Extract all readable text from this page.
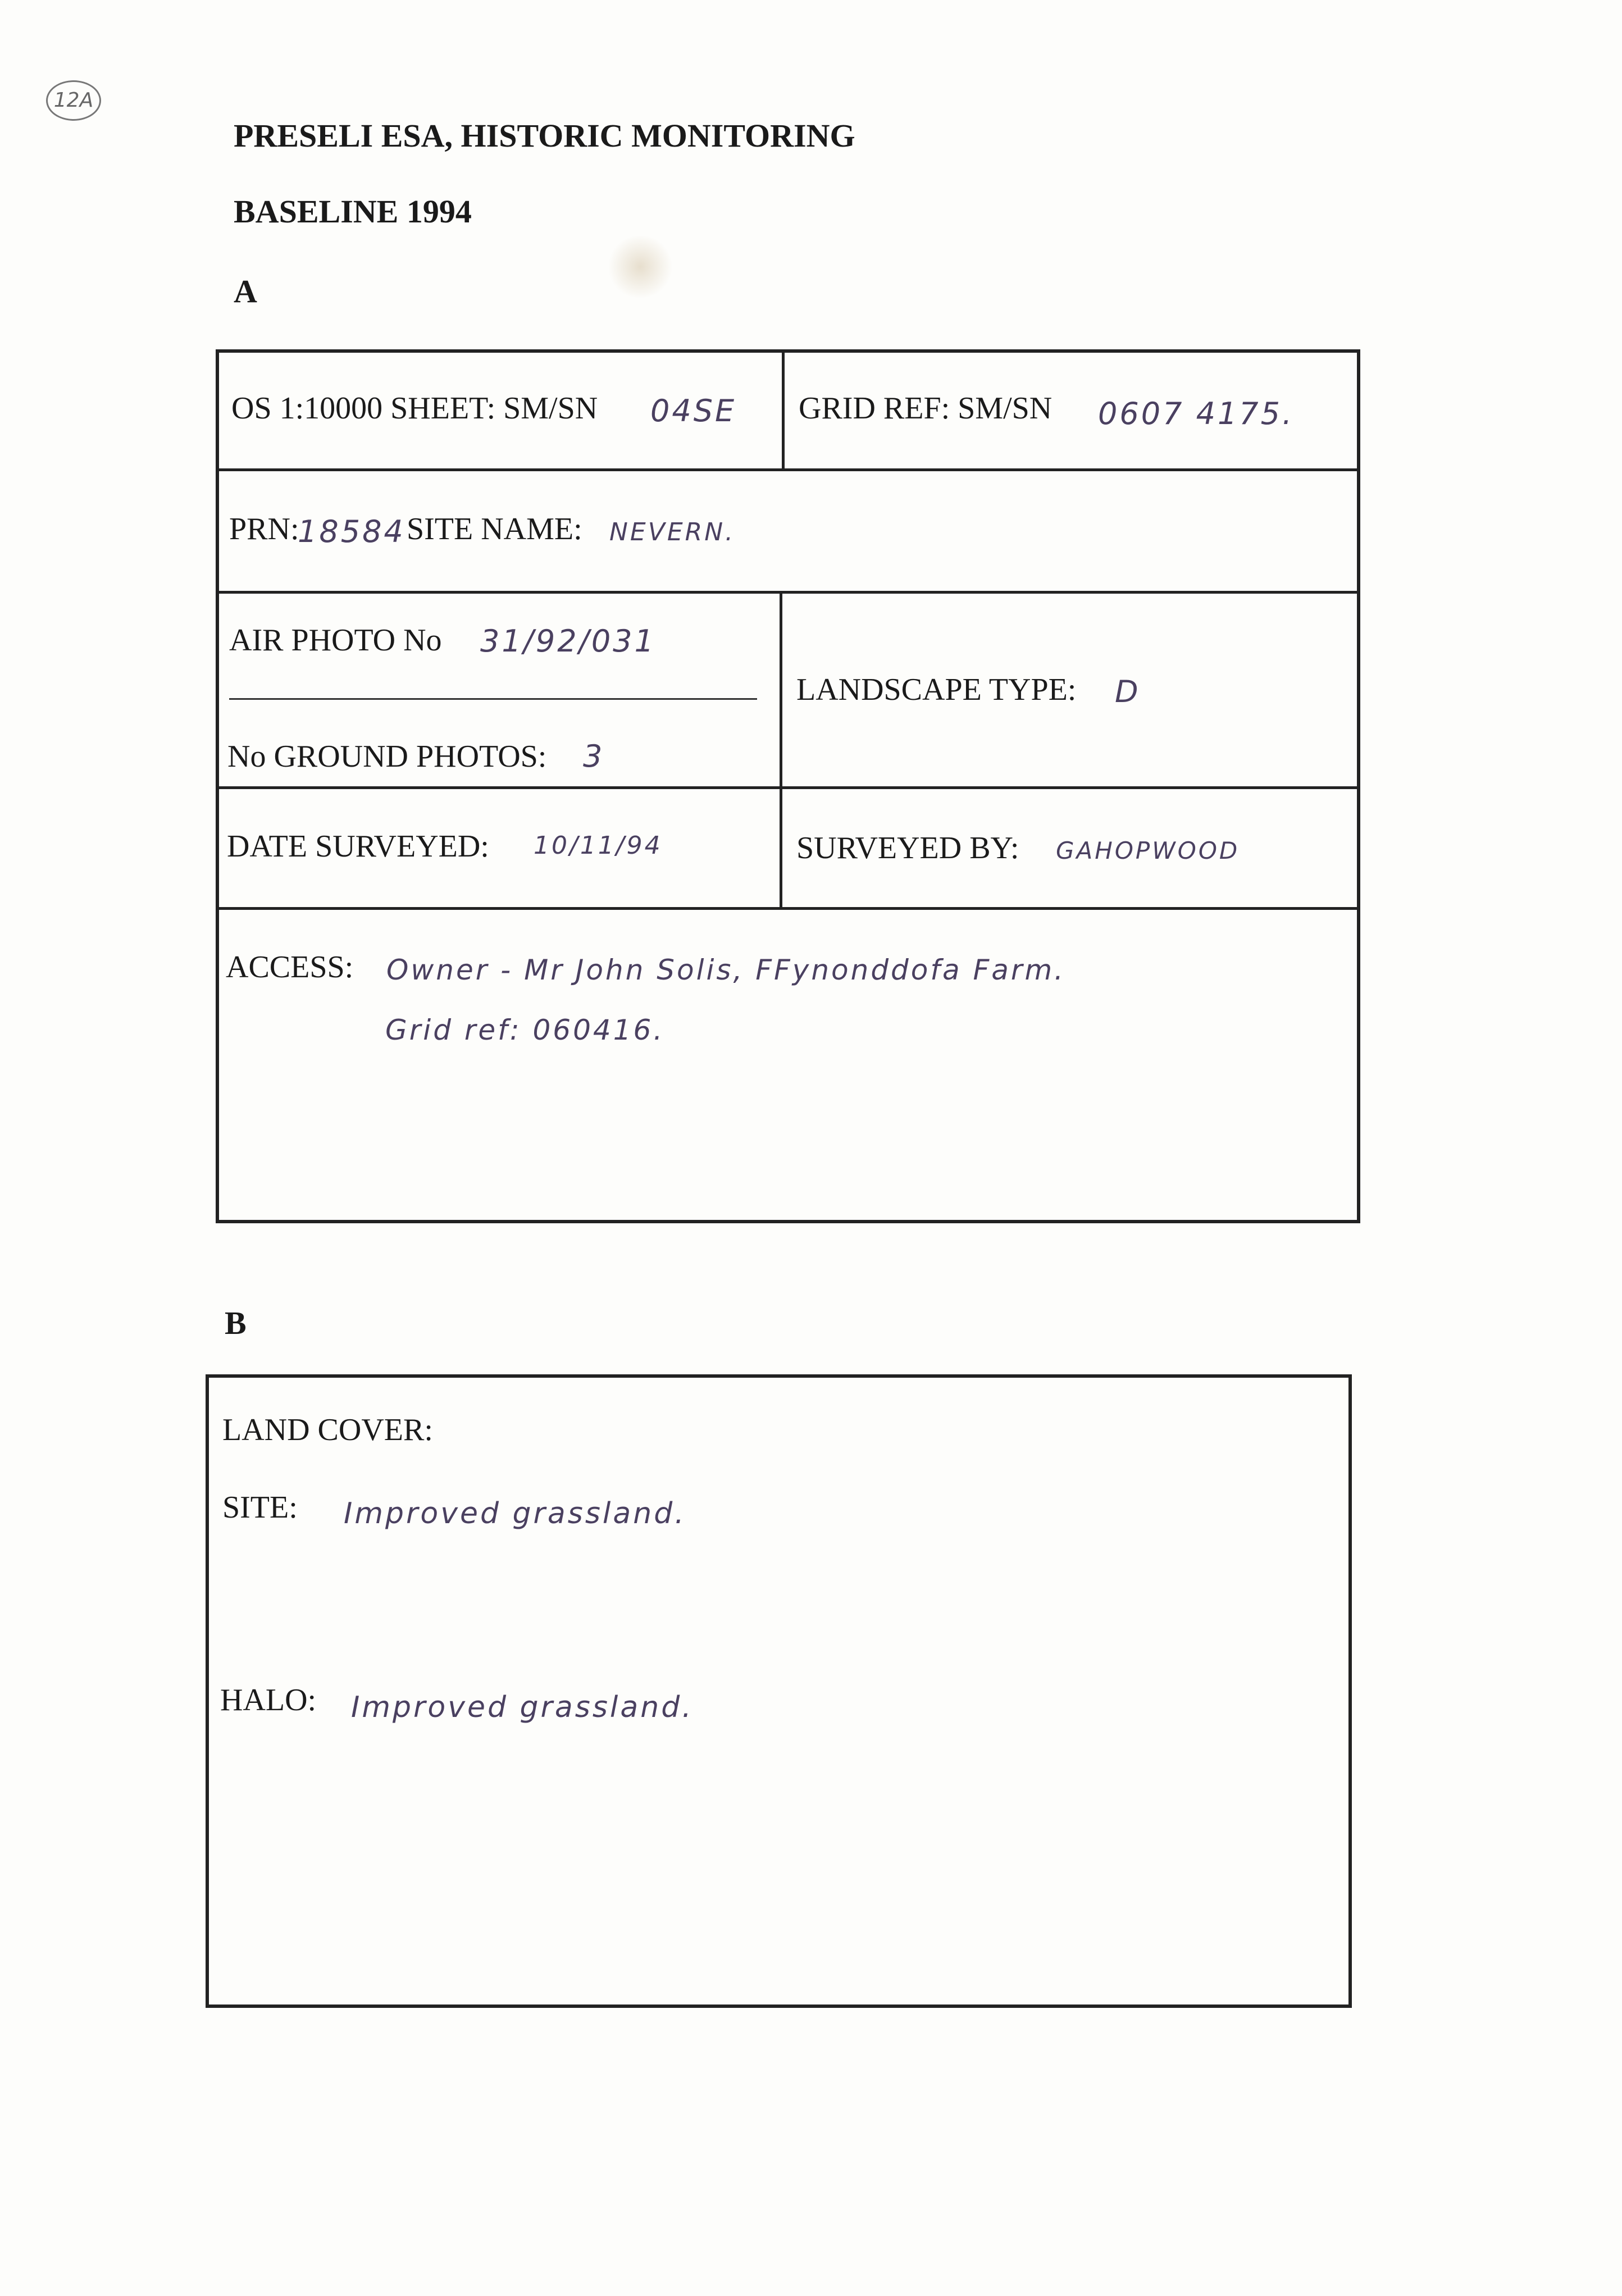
12A
PRESELI ESA, HISTORIC MONITORING
BASELINE 1994
A
OS 1:10000 SHEET: SM/SN 04SE GRID REF: SM/SN 0607 4175.
PRN:
18584 SITE NAME: NEVERN.
AIR PHOTO No 31/92/031
No GROUND PHOTOS: 3
LANDSCAPE TYPE: D
DATE SURVEYED: 10/11/94	SURVEYED BY: GAHOPWOOD
ACCESS: Owner - Mr John Solis, FFynonddofa Farm.
Grid ref: 060416.
B
LAND COVER:
SITE: Improved grassland.
HALO: Improved grassland.
